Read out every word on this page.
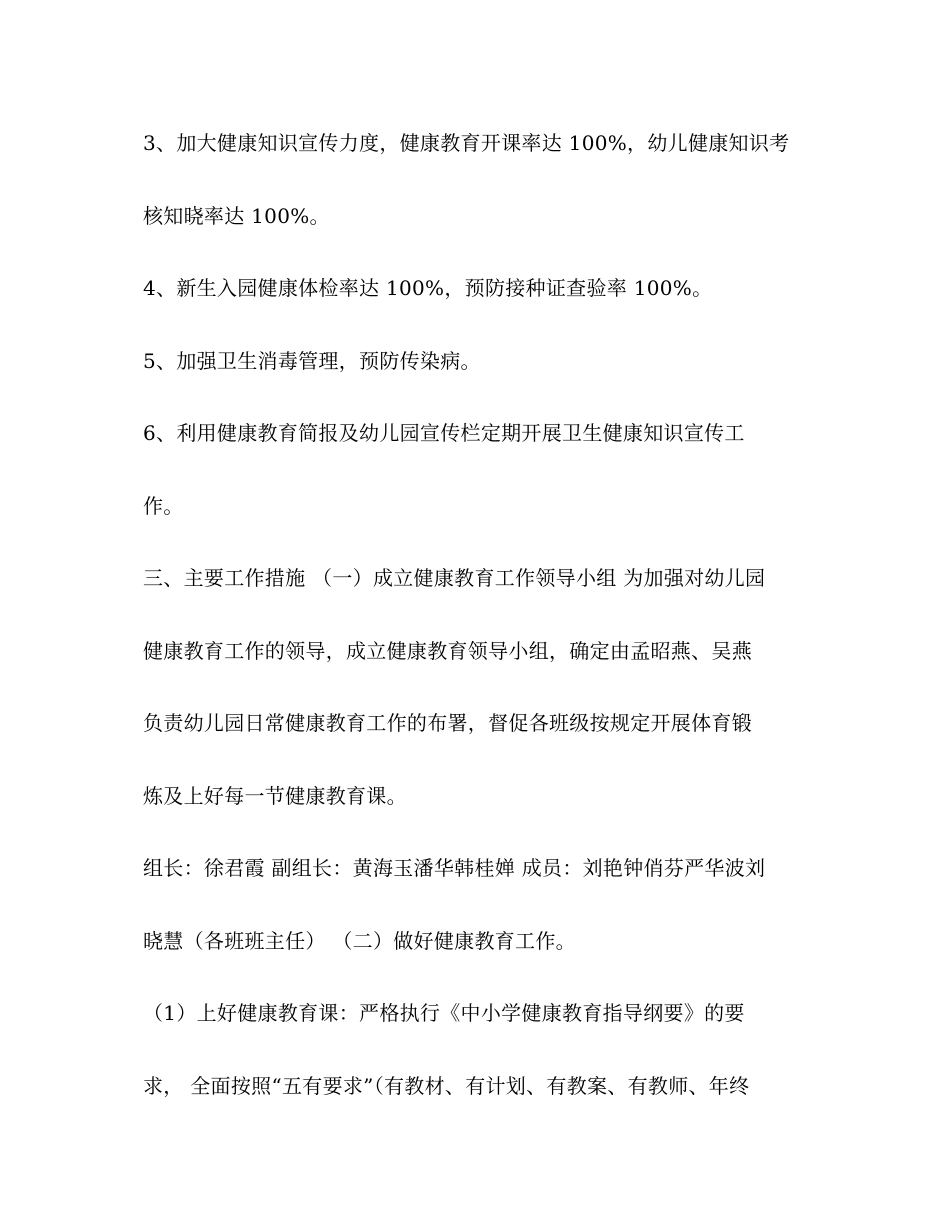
3、加大健康知识宣传力度，健康教育开课率达 100%，幼儿健康知识考
核知晓率达 100%。
4、新生入园健康体检率达 100%，预防接种证查验率 100%。
5、加强卫生消毒管理，预防传染病。
6、利用健康教育简报及幼儿园宣传栏定期开展卫生健康知识宣传工
作。
三、主要工作措施 （一）成立健康教育工作领导小组 为加强对幼儿园
健康教育工作的领导，成立健康教育领导小组，确定由孟昭燕、吴燕
负责幼儿园日常健康教育工作的布署，督促各班级按规定开展体育锻
炼及上好每一节健康教育课。
组长：徐君霞 副组长：黄海玉潘华韩桂婵 成员：刘艳钟俏芬严华波刘
晓慧（各班班主任） （二）做好健康教育工作。
（1）上好健康教育课：严格执行《中小学健康教育指导纲要》的要
求， 全面按照“五有要求”（有教材、有计划、有教案、有教师、年终
